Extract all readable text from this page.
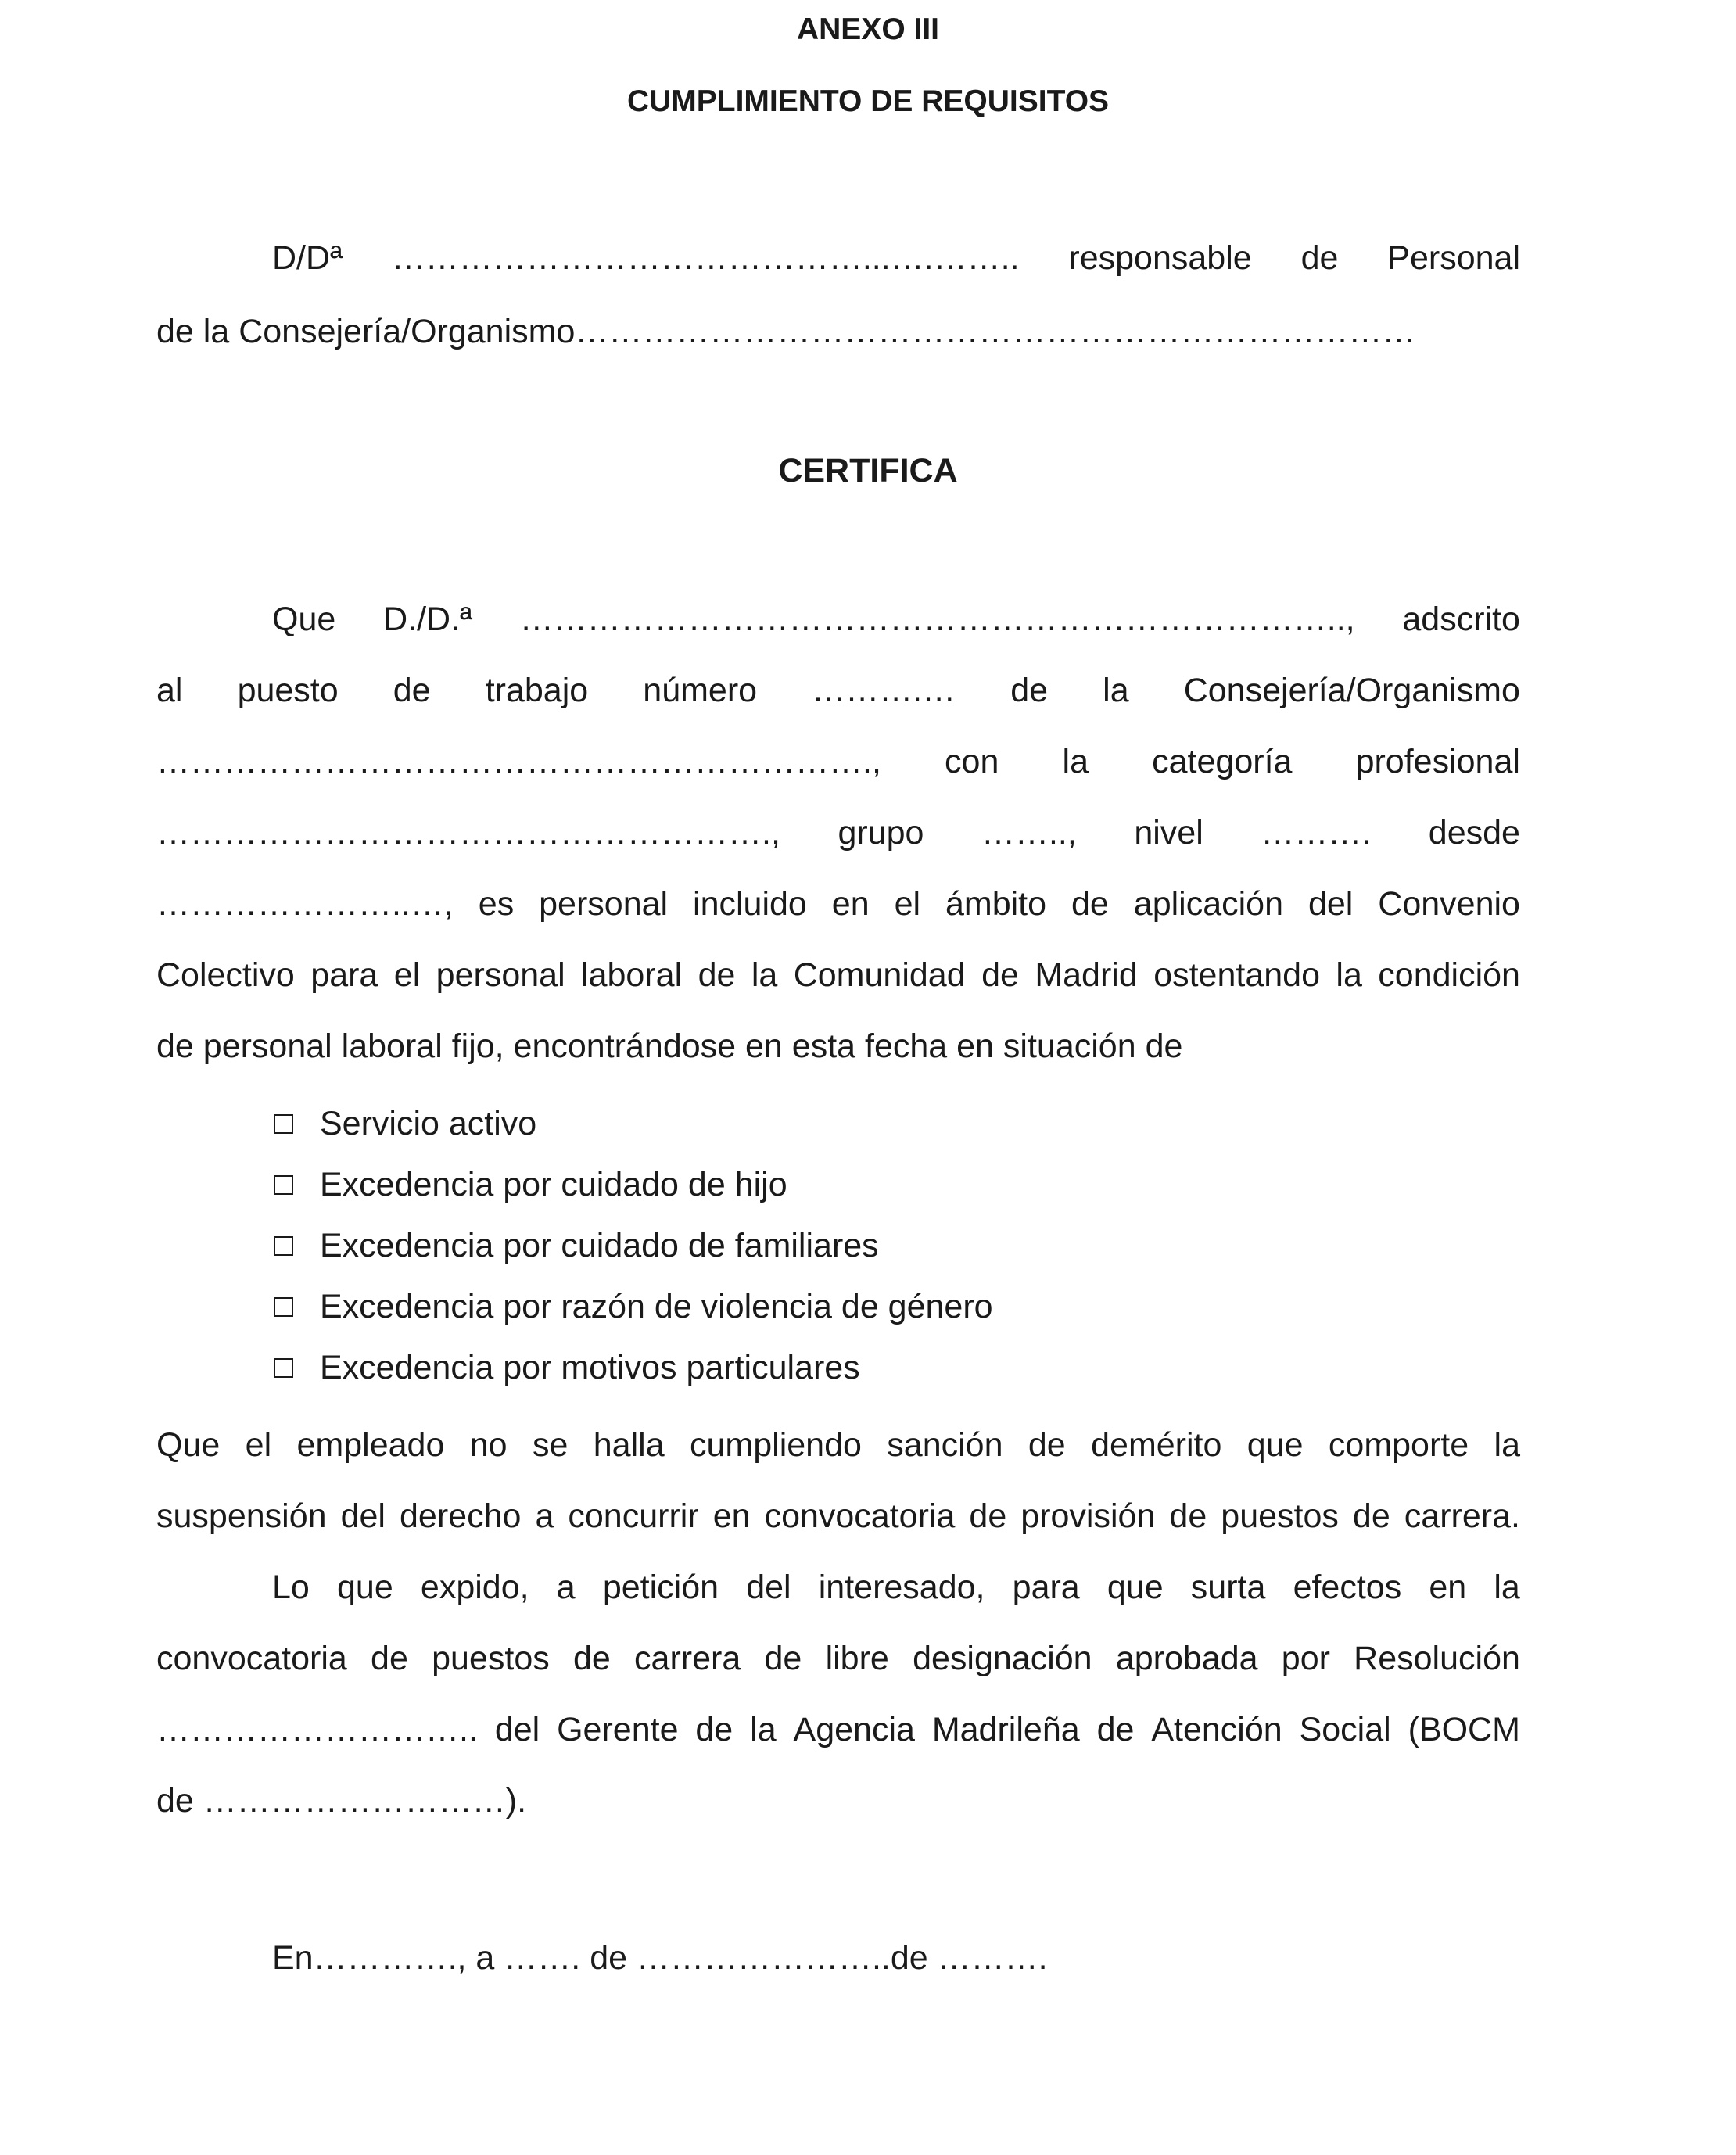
ANEXO III
CUMPLIMIENTO DE REQUISITOS

D/Dª ……………………………………...….…….. responsable de Personal

de la Consejería/Organismo…………………………………………………………………

CERTIFICA

Que D./D.ª ……………………………………………………………….., adscrito

al puesto de trabajo número ……….… de la Consejería/Organismo

………………………………………………………., con la categoría profesional

………………………………………………., grupo …….., nivel ………. desde

…………………..…, es personal incluido en el ámbito de aplicación del Convenio

Colectivo para el personal laboral de la Comunidad de Madrid ostentando la condición

de personal laboral fijo, encontrándose en esta fecha en situación de

Servicio activo
Excedencia por cuidado de hijo
Excedencia por cuidado de familiares
Excedencia por razón de violencia de género
Excedencia por motivos particulares

Que el empleado no se halla cumpliendo sanción de demérito que comporte la

suspensión del derecho a concurrir en convocatoria de provisión de puestos de carrera.

Lo que expido, a petición del interesado, para que surta efectos en la

convocatoria de puestos de carrera de libre designación aprobada por Resolución

……………………….. del Gerente de la Agencia Madrileña de Atención Social (BOCM

de ………………………).

En…………., a ……. de …………………..de ……….
